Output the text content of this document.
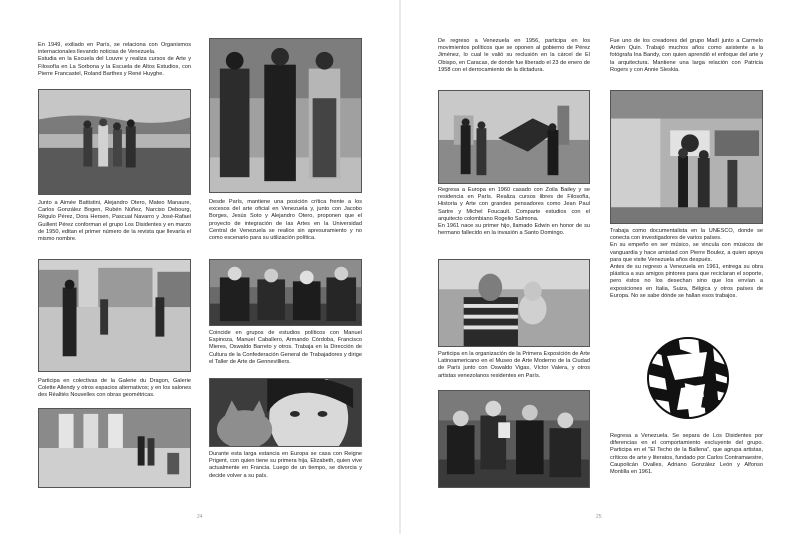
En 1949, exiliado en París, se relaciona con Organismos internacionales llevando noticias de Venezuela.

Estudia en la Escuela del Louvre y realiza cursos de Arte y Filosofía en La Sorbona y la Escuela de Altos Estudios, con Pierre Francastel, Roland Barthes y René Huyghe.

Junto a Aimée Battistini, Alejandro Otero, Mateo Manaure, Carlos González Bogen, Rubén Núñez, Narciso Debourg, Régulo Pérez, Dora Hersen, Pascual Navarro y José-Rafael Guillent Pérez conforman el grupo Los Disidentes y en marzo de 1950, editan el primer número de la revista que llevaría el mismo nombre.

Participa en colectivas de la Galerie du Dragon, Galerie Colette Allendy y otros espacios alternativos; y en los salones des Réalités Nouvelles con obras geométricas.

24

Desde París, mantiene una posición crítica frente a los excesos del arte oficial en Venezuela y, junto con Jacobo Borges, Jesús Soto y Alejandro Otero, proponen que el proyecto de integración de las Artes en la Universidad Central de Venezuela se realice sin apresuramiento y no como escenario para su utilización política.

Coincide en grupos de estudios políticos con Manuel Espinoza, Manuel Caballero, Armando Córdoba, Francisco Mieres, Oswaldo Barreto y otros. Trabaja en la Dirección de Cultura de la Confederación General de Trabajadores y dirige el Taller de Arte de Gennevilliers.

Durante esta larga estancia en Europa se casa con Reigne Prigent, con quien tiene su primera hija, Elizabeth, quien vive actualmente en Francia. Luego de un tiempo, se divorcia y decide volver a su país.

De regreso a Venezuela en 1956, participa en los movimientos políticos que se oponen al gobierno de Pérez Jiménez, lo cual le valió su reclusión en la cárcel de El Obispo, en Caracas, de donde fue liberado el 23 de enero de 1958 con el derrocamiento de la dictadura.

Regresa a Europa en 1960 casado con Zoila Bailey y se residencia en París. Realiza cursos libres de Filosofía, Historia y Arte con grandes pensadores como Jean Paul Sartre y Michel Foucault. Comparte estudios con el arquitecto colombiano Rogelio Salmona.

En 1961 nace su primer hijo, llamado Edwin en honor de su hermano fallecido en la invasión a Santo Domingo.

Participa en la organización de la Primera Exposición de Arte Latinoamericano en el Museo de Arte Moderno de la Ciudad de París junto con Oswaldo Vigas, Víctor Valera, y otros artistas venezolanos residentes en París.

Fue uno de los creadores del grupo Madí junto a Carmelo Arden Quin. Trabajó muchos años como asistente a la fotógrafa Ina Bandy, con quien aprendió el enfoque del arte y la arquitectura. Mantiene una larga relación con Patricia Rogers y con Annie Sleskia.

Trabaja como documentalista en la UNESCO, donde se conecta con investigadores de varios países.

En su empeño en ser músico, se vincula con músicos de vanguardia y hace amistad con Pierre Boulez, a quien apoya para que visite Venezuela años después.

Antes de su regreso a Venezuela en 1961, entrega su obra plástica a sus amigos pintores para que reciclaran el soporte, pero éstos no los desechan sino que los envían a exposiciones en Italia, Suiza, Bélgica y otros países de Europa. No se sabe dónde se hallan esos trabajos.

Regresa a Venezuela. Se separa de Los Disidentes por diferencias en el comportamiento excluyente del grupo. Participa en el "El Techo de la Ballena", que agrupa artistas, críticos de arte y literatos, fundado por Carlos Contramaestre, Caupolicán Ovalles, Adriano González León y Alfonso Montilla en 1961.

25
